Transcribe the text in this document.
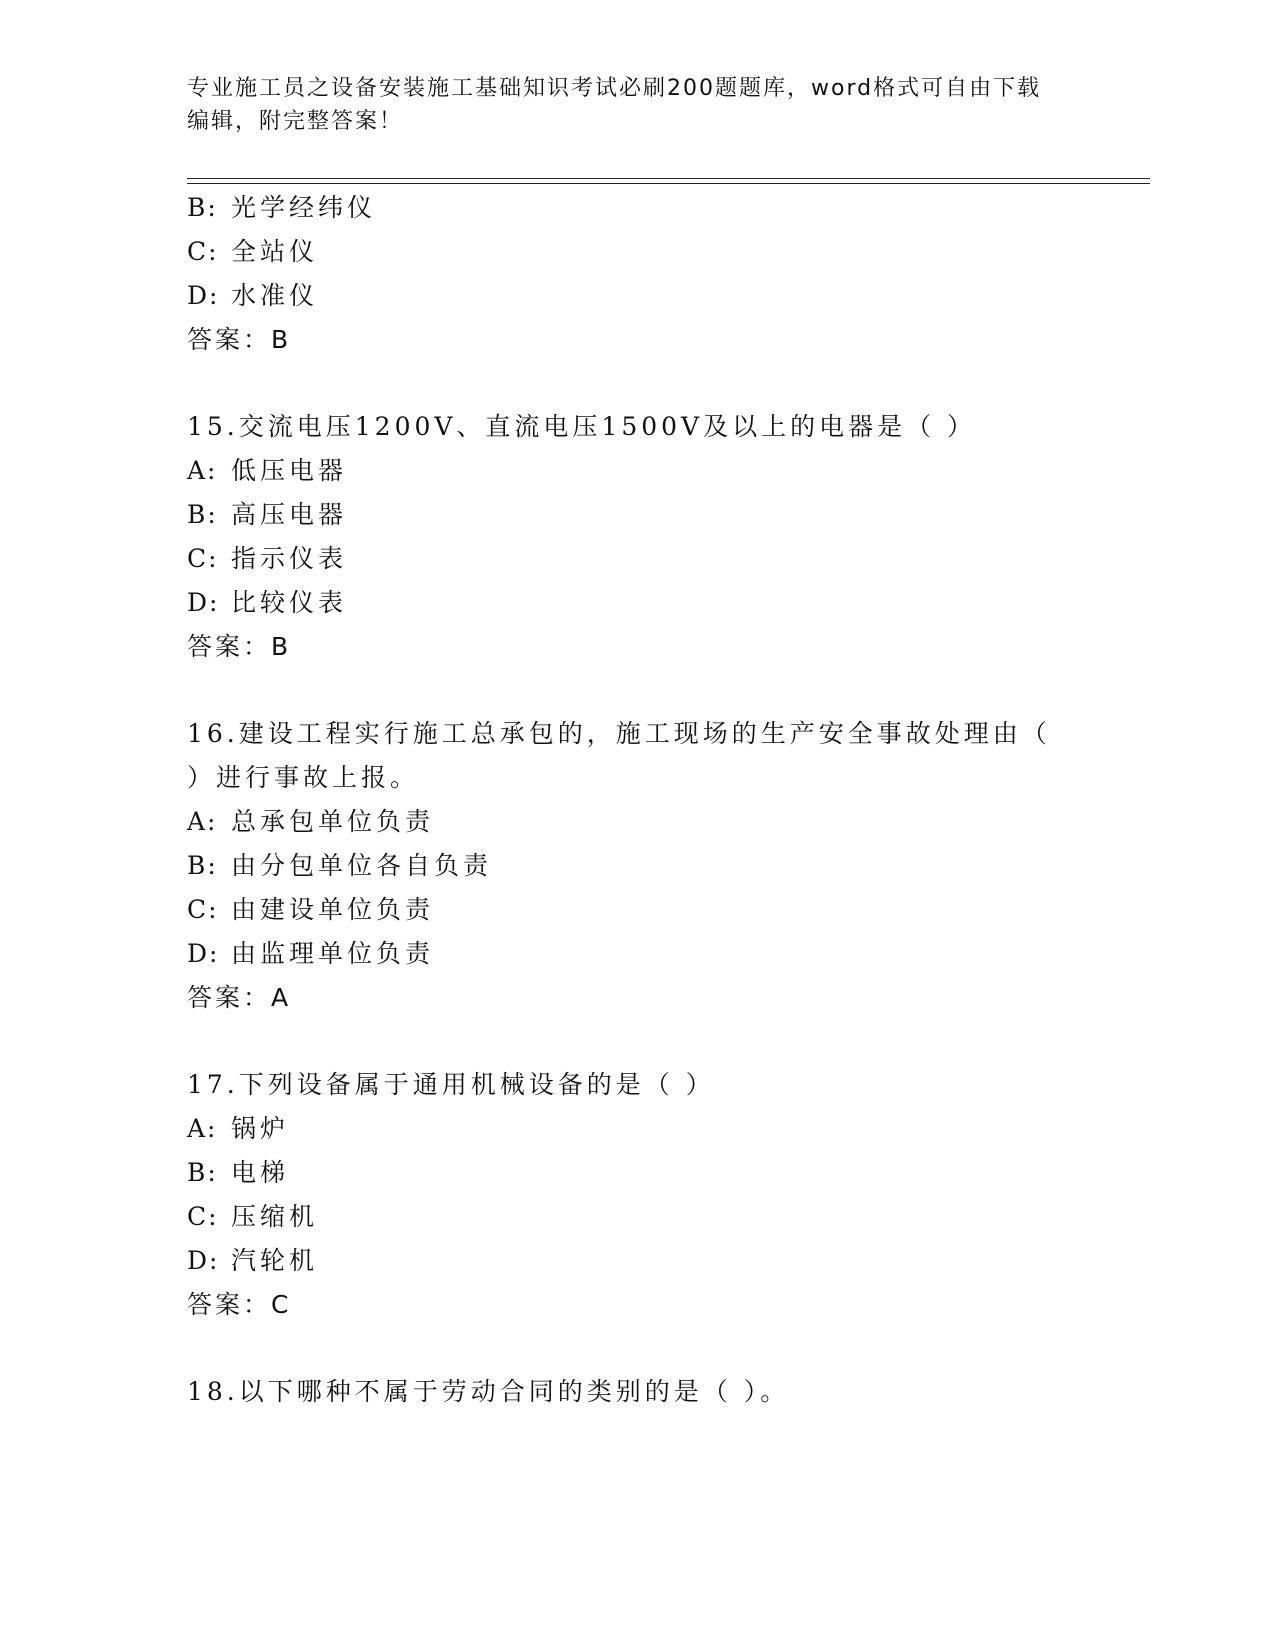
专业施工员之设备安装施工基础知识考试必刷200题题库，word格式可自由下载
编辑，附完整答案！
B: 光学经纬仪
C: 全站仪
D: 水准仪
答案：B
15.交流电压1200V、直流电压1500V及以上的电器是（ ）
A: 低压电器
B: 高压电器
C: 指示仪表
D: 比较仪表
答案：B
16.建设工程实行施工总承包的，施工现场的生产安全事故处理由（
）进行事故上报。
A: 总承包单位负责
B: 由分包单位各自负责
C: 由建设单位负责
D: 由监理单位负责
答案：A
17.下列设备属于通用机械设备的是（ ）
A: 锅炉
B: 电梯
C: 压缩机
D: 汽轮机
答案：C
18.以下哪种不属于劳动合同的类别的是（ ）。
